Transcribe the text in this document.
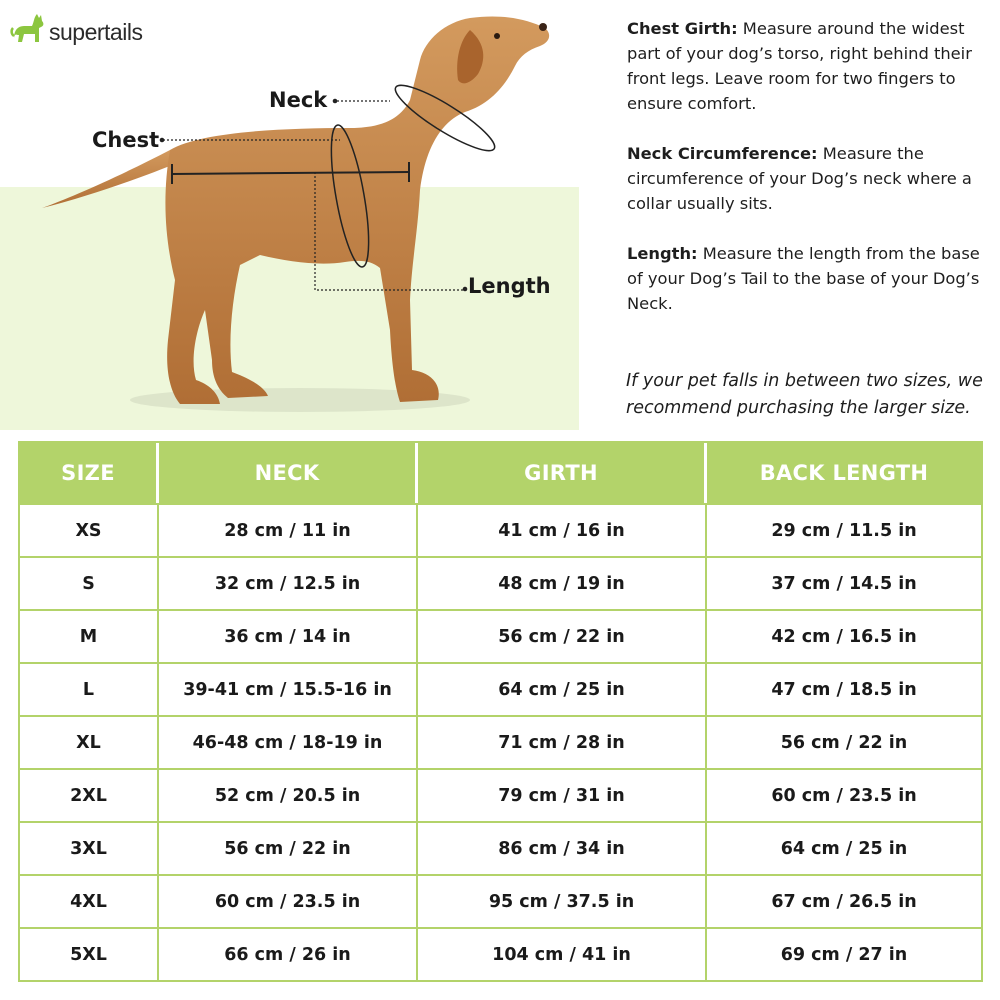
supertails
Neck
Chest
Length

Chest Girth: Measure around the widest part of your dog’s torso, right behind their front legs. Leave room for two fingers to ensure comfort.

Neck Circumference: Measure the circumference of your Dog’s neck where a collar usually sits.

Length: Measure the length from the base of your Dog’s Tail to the base of your Dog’s Neck.

If your pet falls in between two sizes, we recommend purchasing the larger size.
SIZE	NECK	GIRTH	BACK LENGTH
XS	28 cm / 11 in	41 cm / 16 in	29 cm / 11.5 in
S	32 cm / 12.5 in	48 cm / 19 in	37 cm / 14.5 in
M	36 cm / 14 in	56 cm / 22 in	42 cm / 16.5 in
L	39-41 cm / 15.5-16 in	64 cm / 25 in	47 cm / 18.5 in
XL	46-48 cm / 18-19 in	71 cm / 28 in	56 cm / 22 in
2XL	52 cm / 20.5 in	79 cm / 31 in	60 cm / 23.5 in
3XL	56 cm / 22 in	86 cm / 34 in	64 cm / 25 in
4XL	60 cm / 23.5 in	95 cm / 37.5 in	67 cm / 26.5 in
5XL	66 cm / 26 in	104 cm / 41 in	69 cm / 27 in
